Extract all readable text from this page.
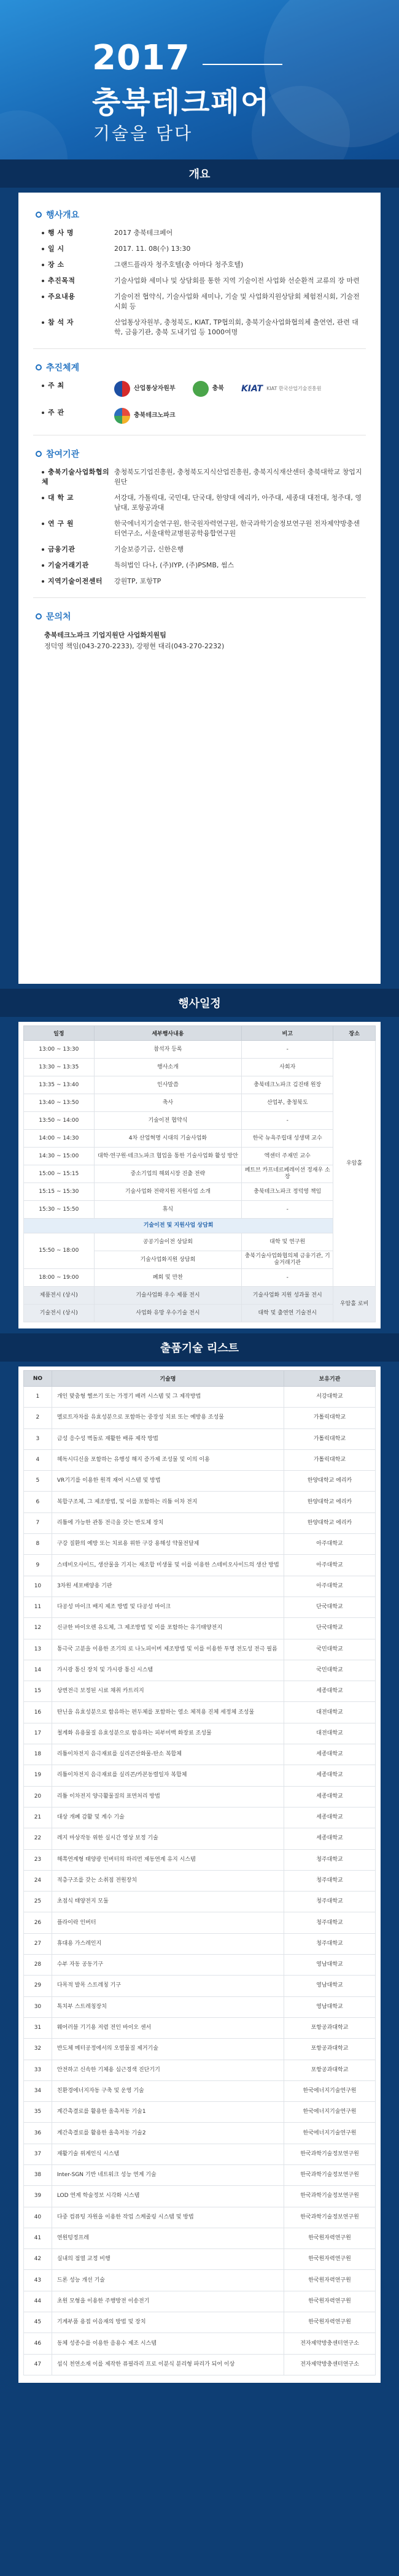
2017
충북테크페어
기술을 담다
개요
행사개요
행 사 명	2017 충북테크페어
일 시	2017. 11. 08(수) 13:30
장 소	그랜드플라자 청주호텔(충 아마다 청주호텔)
추진목적	기술사업화 세미나 및 상담회를 통한 지역 기술이전 사업화 선순환적 교류의 장 마련
주요내용	기술이전 협약식, 기술사업화 세미나, 기술 및 사업화지원상담회 체험전시회, 기술전시회 등
참 석 자	산업통상자원부, 충청북도, KIAT, TP협의회, 충북기술사업화협의체 출연연, 관련 대학, 금융기관, 충북 도내기업 등 1000여명
추진체계
주 최	산업통상자원부	충북 KIAT KIAT 한국산업기술진흥원
주 관	충북테크노파크
참여기관
충북기술사업화협의체
충청북도기업진흥원, 충청북도지식산업진흥원, 충북지식재산센터 충북대학교 창업지원단
대 학 교	서강대, 가톨릭대, 국민대, 단국대, 한양대 에리카, 아주대, 세종대 대전대, 청주대, 영남대, 포항공과대
연 구 원	한국에너지기술연구원, 한국원자력연구원, 한국과학기술정보연구원 전자제약방충센터연구소, 서울대학교병원공학융합연구원
금융기관	기술보증기금, 신한은행
기술거래기관	특허법인 다나, (주)IYP, (주)PSMB, 썸스
지역기술이전센터	강원TP, 포항TP
문의처
충북테크노파크 기업지원단 사업화지원팀
정덕영 책임(043-270-2233), 강평현 대리(043-270-2232)
행사일정
일정	세부행사내용	비고	장소
13:00 ~ 13:30	참석자 등록	-	우암홀
13:30 ~ 13:35	행사소개	사회자	
13:35 ~ 13:40	인사말씀	충북테크노파크 김진태 원장	
13:40 ~ 13:50	축사	산업부, 충청북도	
13:50 ~ 14:00	기술이전 협약식	-	
14:00 ~ 14:30	4차 산업혁명 시대의 기술사업화	한국 뉴욕주립대 성생택 교수	
14:30 ~ 15:00	대학·연구원·테크노파크 협업을 통한 기술사업화 활성 방안	엑센터 주재민 교수	
15:00 ~ 15:15	중소기업의 해외시장 진출 전략	페트브 카프네르페레이션 정재우 소장	
15:15 ~ 15:30	기술사업화 전략지원 지원사업 소개	충북테크노파크 정덕영 책임	
15:30 ~ 15:50	휴식	-	
기술이전 및 지원사업 상담회			
15:50 ~ 18:00	공공기술이전 상담회	대학 및 연구원	
	기술사업화지원 상담회	충북기술사업화협의체 금융기관, 기술거래기관	
18:00 ~ 19:00	폐회 및 만찬	-	
제품전시 (상시)	기술사업화 우수 제품 전시	기술사업화 지원 성과물 전시	우암홀 로비
기술전시 (상시)	사업화 유망 우수기술 전시	대학 및 출연연 기술전시	
출품기술 리스트
NO	기술명	보유기관
1	개인 맞춤형 헬쓰기 또는 가정기 배려 시스템 및 그 제작방법	서강대학교
2	멜로트자차를 유효성분으로 포함하는 중장성 치료 또는 예방용 조성물	가톨릭대학교
3	금성 응수성 벽돌로 재활한 배류 제작 방법	가톨릭대학교
4	헤독시디신을 포함하는 유행성 해지 증가제 조성물 및 이의 이용	가톨릭대학교
5	VR기기를 이용한 원격 재어 시스템 및 방법	한양대학교 에리카
6	복합구조체, 그 제조방법, 및 이를 포함하는 리튬 이차 전지	한양대학교 에리카
7	리튬에 가능한 관통 전극을 갖는 반도체 장치	한양대학교 에리카
8	구강 질환의 예방 또는 치료용 위한 구강 용해성 약물전달제	아주대학교
9	스테비오사이드, 생산물을 기지는 재조합 미생물 및 이를 이용한 스테비오사이드의 생산 방법	아주대학교
10	3차원 세포배양용 기판	아주대학교
11	다공성 마이크 배지 제조 방법 및 다공성 마이크	단국대학교
12	신규한 바이오렌 유도체, 그 제조방법 및 이를 포함하는 유기태양전지	단국대학교
13	통극국 고분을 이용한 조기의 로 나노피이버 제조방법 및 이를 이용한 투명 전도성 전극 필름	국민대학교
14	가시광 통신 장치 및 가시광 통신 시스템	국민대학교
15	상변전극 보정된 시료 채취 카트리지	세종대학교
16	탄닌을 유효성분으로 함유하는 편두체를 포함하는 염소 체적용 진체 세정체 조성물	대전대학교
17	철계화 유용물질 유효성분으로 함유하는 피부미백 화장료 조성물	대전대학교
18	리튬이차전지 음극재료를 실리콘산화물-탄소 복합체	세종대학교
19	리튬이차전지 음극재료를 실리콘/카본동렬일자 복합체	세종대학교
20	리튬 이차전지 양극활물질의 표면처리 방법	세종대학교
21	대상 개폐 감활 및 계수 기술	세종대학교
22	레지 마상작동 위한 실시간 영상 보정 기술	세종대학교
23	해쪽연계형 태양광 인버터의 하리먼 제동연계 유지 시스템	청주대학교
24	적층구조를 갖는 소취점 전원장치	청주대학교
25	초점식 태양전지 모듈	청주대학교
26	플라이락 인버터	청주대학교
27	휴대용 가스레인지	청주대학교
28	수부 자동 공동기구	영남대학교
29	다목적 발목 스트레칭 기구	영남대학교
30	톡치부 스트레칭장치	영남대학교
31	웨어러블 기기용 저렴 전인 바이오 센서	포항공과대학교
32	반도체 메터공정에서의 오염물질 제거기술	포항공과대학교
33	안전하고 신속한 기체용 심근경색 진단기기	포항공과대학교
34	친환경에너지자동 구축 및 운영 기술	한국에너지기술연구원
35	계간촉결로를 활용한 올촉저동 기술1	한국에너지기술연구원
36	계간촉결로를 활용한 올촉저동 기술2	한국에너지기술연구원
37	재활기술 위계인식 시스템	한국과학기술정보연구원
38	Inter-SGN 기반 네트워크 성능 연계 기술	한국과학기술정보연구원
39	LOD 연계 학술정보 시각화 시스템	한국과학기술정보연구원
40	다중 컴퓨팅 자원을 이용한 작업 스케줄링 시스템 및 방법	한국과학기술정보연구원
41	연원텅정프레	한국원자력연구원
42	실내의 점열 교정 비행	한국원자력연구원
43	드론 성능 개선 기술	한국원자력연구원
44	초원 모형을 이용한 주행방전 이송전기	한국원자력연구원
45	기계부품 용접 이음재의 방법 및 장치	한국원자력연구원
46	동체 성종수를 이용한 음용수 제조 시스템	전자제약방충센터연구소
47	섭식 천연소재 이를 제작한 퓨필라리 프로 이분식 분리형 파리가 되어 이상	전자제약방충센터연구소
